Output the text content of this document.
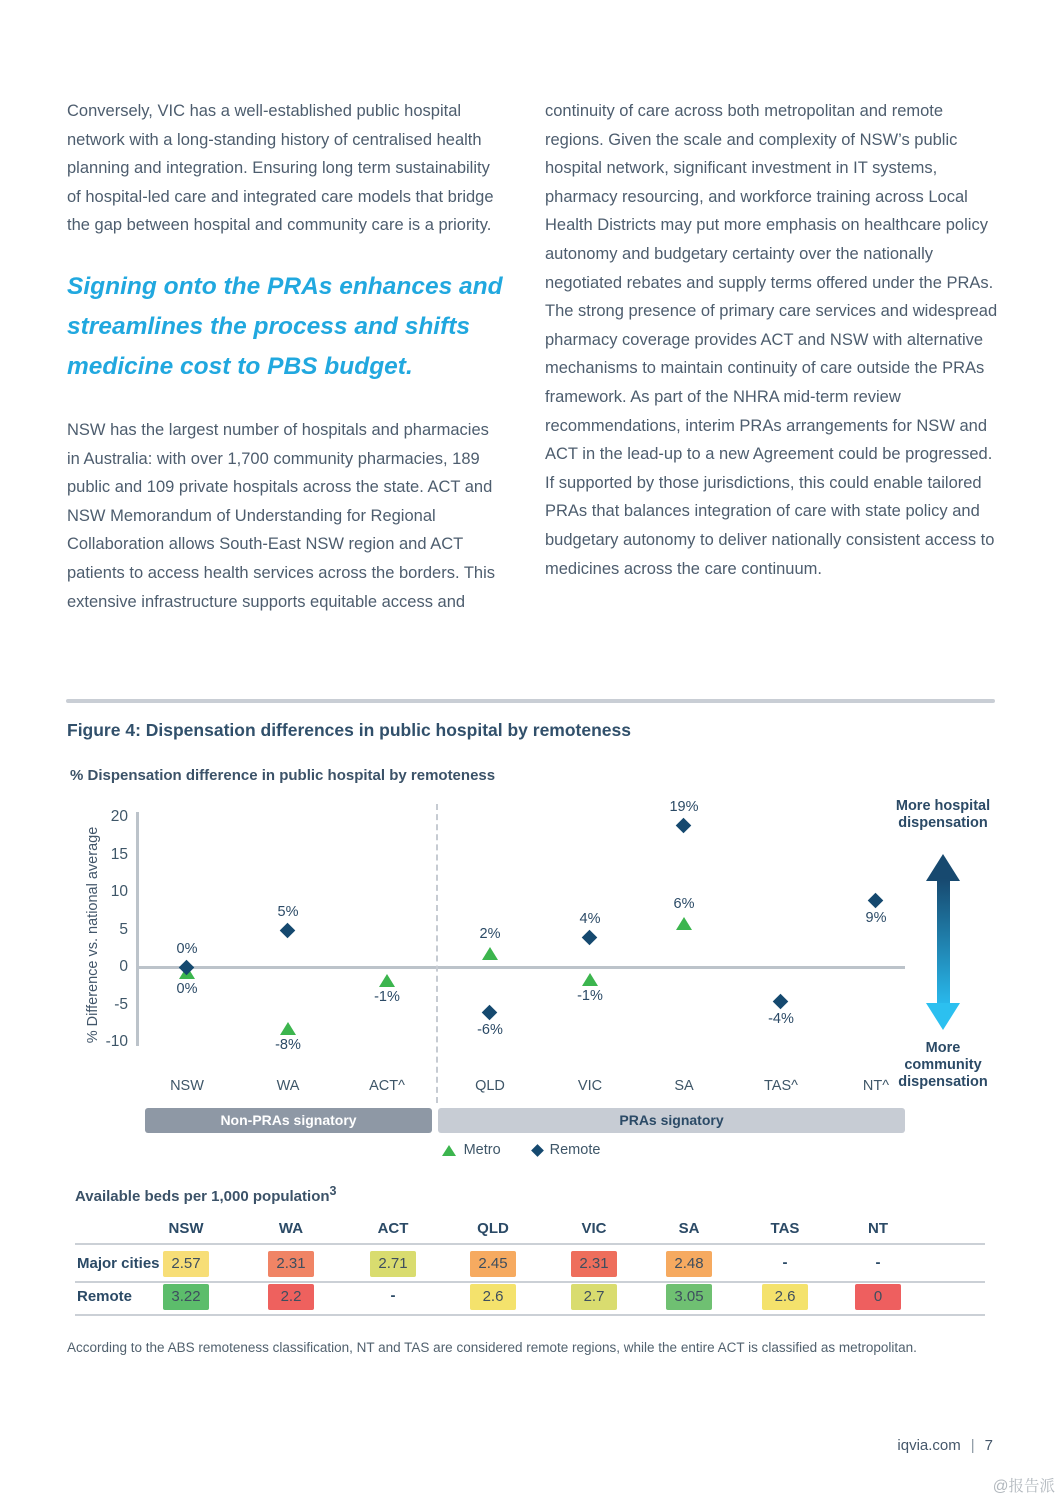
Conversely, VIC has a well-established public hospital network with a long-standing history of centralised health planning and integration. Ensuring long term sustainability of hospital-led care and integrated care models that bridge the gap between hospital and community care is a priority.

Signing onto the PRAs enhances and streamlines the process and shifts medicine cost to PBS budget.

NSW has the largest number of hospitals and pharmacies in Australia: with over 1,700 community pharmacies, 189 public and 109 private hospitals across the state. ACT and NSW Memorandum of Understanding for Regional Collaboration allows South-East NSW region and ACT patients to access health services across the borders. This extensive infrastructure supports equitable access and

continuity of care across both metropolitan and remote regions. Given the scale and complexity of NSW’s public hospital network, significant investment in IT systems, pharmacy resourcing, and workforce training across Local Health Districts may put more emphasis on healthcare policy autonomy and budgetary certainty over the nationally negotiated rebates and supply terms offered under the PRAs. The strong presence of primary care services and widespread pharmacy coverage provides ACT and NSW with alternative mechanisms to maintain continuity of care outside the PRAs framework. As part of the NHRA mid-term review recommendations, interim PRAs arrangements for NSW and ACT in the lead-up to a new Agreement could be progressed. If supported by those jurisdictions, this could enable tailored PRAs that balances integration of care with state policy and budgetary autonomy to deliver nationally consistent access to medicines across the care continuum.

Figure 4: Dispensation differences in public hospital by remoteness
% Dispensation difference in public hospital by remoteness
% Difference vs. national average
20
15
10
5
0
-5
-10
NSW	WA	ACT^	QLD	VIC	SA	TAS^	NT^
0%
0%
5%
-8%
-1%
2%
-6%
4%
-1%
19%
6%
-4%
9%
Non-PRAs signatory	PRAs signatory
Metro	Remote
More hospital dispensation
More community dispensation
Available beds per 1,000 population$^3$
Major cities
Remote
NSW	WA	ACT	QLD	VIC	SA	TAS	NT
2.57	2.31	2.71	2.45	2.31	2.48	-	-
3.22	2.2	-	2.6	2.7	3.05	2.6	0

According to the ABS remoteness classification, NT and TAS are considered remote regions, while the entire ACT is classified as metropolitan.

iqvia.com | 7
@报告派
